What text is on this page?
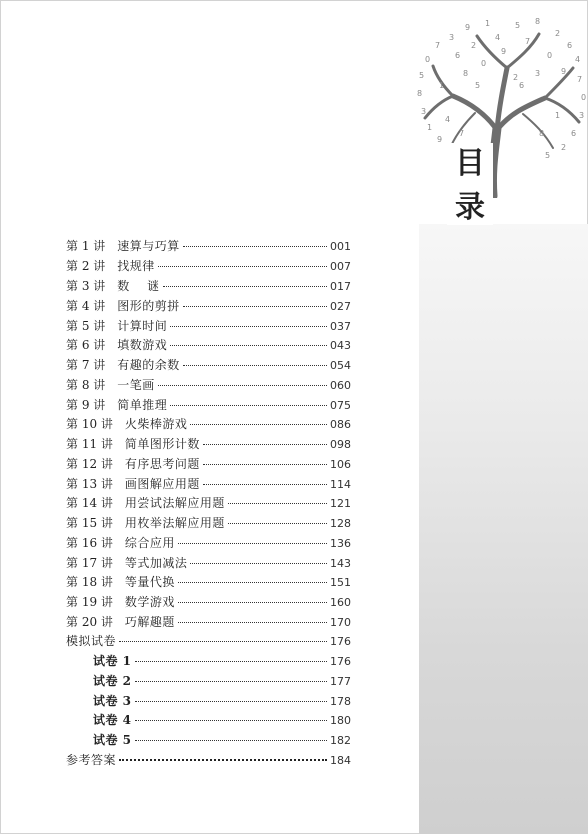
7
3
9 1	5 8
2
6
4
0
5
8
3
1
9
7
0
3
6
2
5
6
2
4	7
0
9
1
8	3
5	6
1
4
7	8
9
0
2
目
录
第 1 讲 速算与巧算	001
第 2 讲 找规律	007
第 3 讲 数    谜	017
第 4 讲 图形的剪拼	027
第 5 讲 计算时间	037
第 6 讲 填数游戏	043
第 7 讲 有趣的余数	054
第 8 讲 一笔画	060
第 9 讲 简单推理	075
第 10 讲 火柴棒游戏	086
第 11 讲 简单图形计数	098
第 12 讲 有序思考问题	106
第 13 讲 画图解应用题	114
第 14 讲 用尝试法解应用题	121
第 15 讲 用枚举法解应用题	128
第 16 讲 综合应用	136
第 17 讲 等式加减法	143
第 18 讲 等量代换	151
第 19 讲 数学游戏	160
第 20 讲 巧解趣题	170
模拟试卷	176
试卷 1	176
试卷 2	177
试卷 3	178
试卷 4	180
试卷 5	182
参考答案	184
